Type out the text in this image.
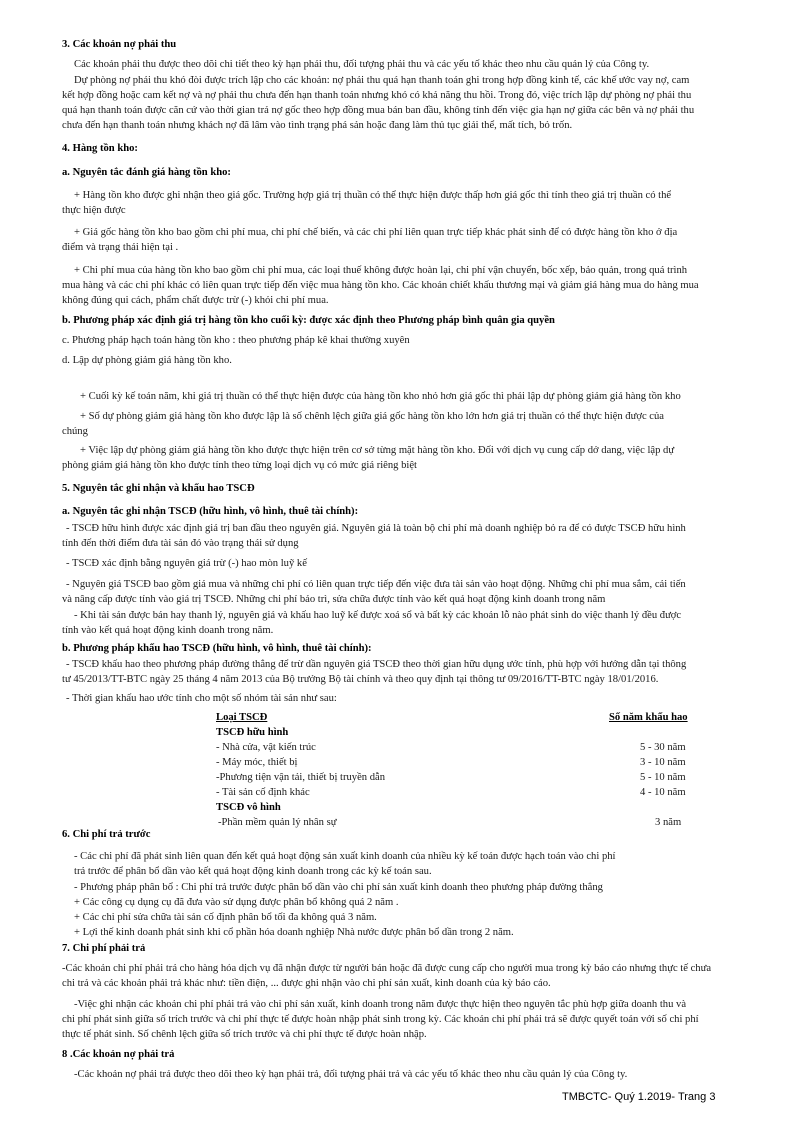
3. Các khoản nợ phải thu
Các khoản phải thu được theo dõi chi tiết theo kỳ hạn phải thu, đối tượng phải thu và các yếu tố khác theo nhu cầu quản lý của Công ty.
Dự phòng nợ phải thu khó đòi được trích lập cho các khoản: nợ phải thu quá hạn thanh toán ghi trong hợp đồng kinh tế, các khế ước vay nợ, cam
kết hợp đồng hoặc cam kết nợ và nợ phải thu chưa đến hạn thanh toán nhưng khó có khả năng thu hồi. Trong đó, việc trích lập dự phòng nợ phải thu
quá hạn thanh toán được căn cứ vào thời gian trả nợ gốc theo hợp đồng mua bán ban đầu, không tính đến việc gia hạn nợ giữa các bên và nợ phải thu
chưa đến hạn thanh toán nhưng khách nợ đã lâm vào tình trạng phá sản hoặc đang làm thủ tục giải thể, mất tích, bỏ trốn.
4. Hàng tồn kho:
a. Nguyên tắc đánh giá hàng tồn kho:
+ Hàng tồn kho được ghi nhận theo giá gốc. Trường hợp giá trị thuần có thể thực hiện được thấp hơn giá gốc thì tính theo giá trị thuần có thể
thực hiện được
+ Giá gốc hàng tồn kho bao gồm chi phí mua, chi phí chế biến, và các chi phí liên quan trực tiếp khác phát sinh để có được hàng tồn kho ở địa
điểm và trạng thái hiện tại .
+ Chi phí mua của hàng tồn kho bao gồm chi phí mua, các loại thuế không được hoàn lại, chi phí vận chuyển, bốc xếp, bảo quản, trong quá trình
mua hàng và các chi phí khác có liên quan trực tiếp đến việc mua hàng tồn kho. Các khoản chiết khấu thương mại và giảm giá hàng mua do hàng mua
không đúng qui cách, phẩm chất được trừ (-) khỏi chi phí mua.
b. Phương pháp xác định giá trị hàng tồn kho cuối kỳ: được xác định theo Phương pháp bình quân gia quyền
c. Phương pháp hạch toán hàng tồn kho : theo phương pháp kê khai thường xuyên
d. Lập dự phòng giảm giá hàng tồn kho.
+ Cuối kỳ kế toán năm, khi giá trị thuần có thể thực hiện được của hàng tồn kho nhỏ hơn giá gốc thì phải lập dự phòng giảm giá hàng tồn kho
+ Số dự phòng giảm giá hàng tồn kho được lập là số chênh lệch giữa giá gốc hàng tồn kho lớn hơn giá trị thuần có thể thực hiện được của
chúng
+ Việc lập dự phòng giảm giá hàng tồn kho được thực hiện trên cơ sở từng mặt hàng tồn kho. Đối với dịch vụ cung cấp dở dang, việc lập dự
phòng giảm giá hàng tồn kho được tính theo từng loại dịch vụ có mức giá riêng biệt
5. Nguyên tắc ghi nhận và khấu hao TSCĐ
a. Nguyên tắc ghi nhận TSCĐ (hữu hình, vô hình, thuê tài chính):
- TSCĐ hữu hình được xác định giá trị ban đầu theo nguyên giá. Nguyên giá là toàn bộ chi phí mà doanh nghiệp bỏ ra để có được TSCĐ hữu hình
tính đến thời điểm đưa tài sản đó vào trạng thái sử dụng
- TSCĐ xác định bằng nguyên giá trừ (-) hao mòn luỹ kế
- Nguyên giá TSCĐ bao gồm giá mua và những chi phí có liên quan trực tiếp đến việc đưa tài sản vào hoạt động. Những chi phí mua sắm, cải tiến
và nâng cấp được tính vào giá trị TSCĐ. Những chi phí bảo trì, sửa chữa được tính vào kết quả hoạt động kinh doanh trong năm
- Khi tài sản được bán hay thanh lý, nguyên giá và khấu hao luỹ kế được xoá sổ và bất kỳ các khoản lỗ nào phát sinh do việc thanh lý đều được
tính vào kết quả hoạt động kinh doanh trong năm.
b. Phương pháp khấu hao TSCĐ (hữu hình, vô hình, thuê tài chính):
- TSCĐ khấu hao theo phương pháp đường thẳng để trừ dần nguyên giá TSCĐ theo thời gian hữu dụng ước tính, phù hợp với hướng dẫn tại thông
tư 45/2013/TT-BTC ngày 25 tháng 4 năm 2013 của Bộ trưởng Bộ tài chính và theo quy định tại thông tư 09/2016/TT-BTC ngày 18/01/2016.
- Thời gian khấu hao ước tính cho một số nhóm tài sản như sau:
Loại TSCĐ	Số năm khấu hao
TSCĐ hữu hình
- Nhà cửa, vật kiến trúc	5 - 30 năm
- Máy móc, thiết bị	3 - 10 năm
-Phương tiện vận tải, thiết bị truyền dẫn	5 - 10 năm
- Tài sản cố định khác	4 - 10 năm
TSCĐ vô hình
-Phần mềm quản lý nhân sự	3 năm
6. Chi phí trả trước
- Các chi phí đã phát sinh liên quan đến kết quả hoạt động sản xuất kinh doanh của nhiều kỳ kế toán được hạch toán vào chi phí
trả trước để phân bổ dần vào kết quả hoạt động kinh doanh trong các kỳ kế toán sau.
- Phương pháp phân bổ : Chi phí trả trước được phân bổ dần vào chi phí sản xuất kinh doanh theo phương pháp đường thẳng
+ Các công cụ dụng cụ đã đưa vào sử dụng được phân bổ không quá 2 năm .
+ Các chi phí sửa chữa tài sản cố định phân bổ tối đa không quá 3 năm.
+ Lợi thế kinh doanh phát sinh khi cổ phần hóa doanh nghiệp Nhà nước được phân bổ dần trong 2 năm.
7. Chi phí phải trả
-Các khoản chi phí phải trả cho hàng hóa dịch vụ đã nhận được từ người bán hoặc đã được cung cấp cho người mua trong kỳ báo cáo nhưng thực tế chưa
chi trả và các khoản phải trả khác như: tiền điện, ... được ghi nhận vào chi phí sản xuất, kinh doanh của kỳ báo cáo.
-Việc ghi nhận các khoản chi phí phải trả vào chi phí sản xuất, kinh doanh trong năm được thực hiện theo nguyên tắc phù hợp giữa doanh thu và
chi phí phát sinh giữa số trích trước và chi phí thực tế được hoàn nhập phát sinh trong kỳ. Các khoản chi phí phải trả sẽ được quyết toán với số chi phí
thực tế phát sinh. Số chênh lệch giữa số trích trước và chi phí thực tế được hoàn nhập.
8 .Các khoản nợ phải trả
-Các khoản nợ phải trả được theo dõi theo kỳ hạn phải trả, đối tượng phải trả và các yếu tố khác theo nhu cầu quản lý của Công ty.
TMBCTC- Quý 1.2019- Trang 3
